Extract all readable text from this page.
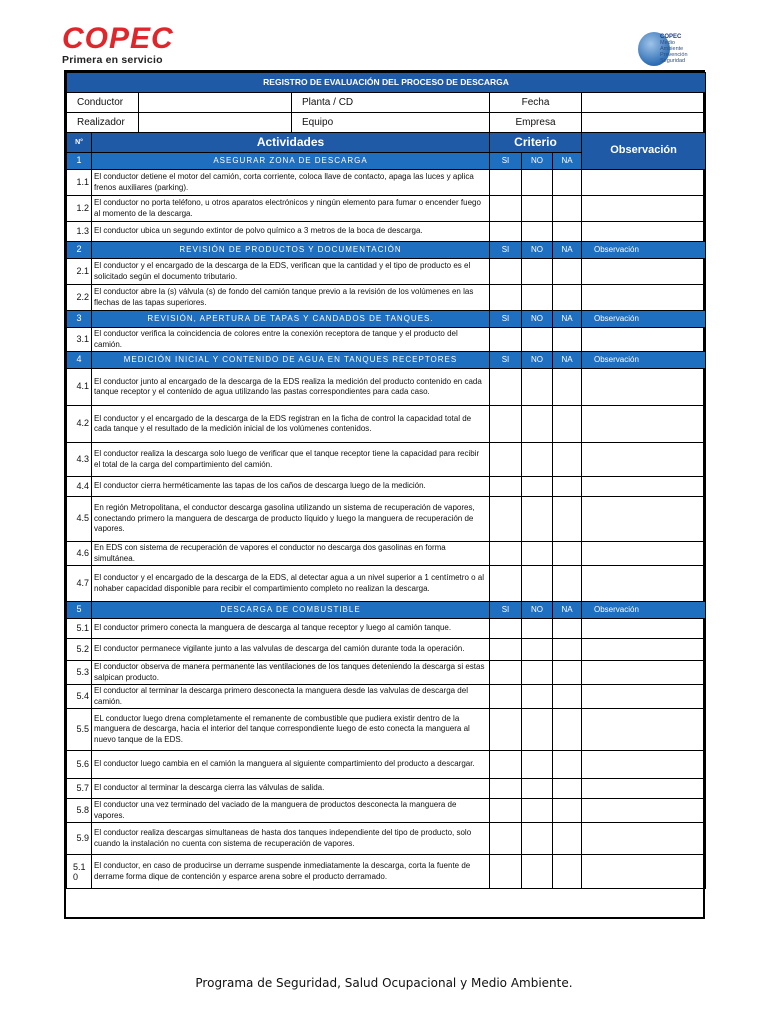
COPEC
Primera en servicio
COPEC
Medio Ambiente
Prevención
Seguridad
REGISTRO DE EVALUACIÓN DEL PROCESO DE DESCARGA							
Conductor			Planta / CD	Fecha			
Realizador			Equipo	Empresa			
N°	Actividades			Criterio			Observación
1	ASEGURAR ZONA DE DESCARGA			SI	NO	NA	
1.1	El conductor detiene el motor del camión, corta corriente, coloca llave de contacto, apaga las luces y aplica frenos auxiliares (parking).						
1.2	El conductor no porta teléfono, u otros aparatos electrónicos y ningún elemento para fumar o encender fuego al momento de la descarga.						
1.3	El conductor ubica un segundo extintor de polvo químico a 3 metros de la boca de descarga.						
2	REVISIÓN DE PRODUCTOS Y DOCUMENTACIÓN			SI	NO	NA	Observación
2.1	El conductor y el encargado de la descarga de la EDS, verifican que la cantidad y el tipo de producto es el solicitado según el documento tributario.						
2.2	El conductor abre la (s) válvula (s) de fondo del camión tanque previo a la revisión de los volúmenes en las flechas de las tapas superiores.						
3	REVISIÓN, APERTURA DE TAPAS Y CANDADOS DE TANQUES.			SI	NO	NA	Observación
3.1	El conductor verifica la coincidencia de colores entre la conexión receptora de tanque y el producto del camión.						
4	MEDICIÓN INICIAL Y CONTENIDO DE AGUA EN TANQUES RECEPTORES			SI	NO	NA	Observación
4.1	El conductor junto al encargado de la descarga de la EDS realiza la medición del producto contenido en cada tanque receptor y el contenido de agua utilizando las pastas correspondientes para cada caso.						
4.2	El conductor y el encargado de la descarga de la EDS registran en la ficha de control la capacidad total de cada tanque y el resultado de la medición inicial de los volúmenes contenidos.						
4.3	El conductor realiza la descarga solo luego de verificar que el tanque receptor tiene la capacidad para recibir el total de la carga del compartimiento del camión.						
4.4	El conductor cierra herméticamente las tapas de los caños de descarga luego de la medición.						
4.5	En región Metropolitana, el conductor descarga gasolina utilizando un sistema de recuperación de vapores, conectando primero la manguera de descarga de producto líquido y luego la manguera de recuperación de vapores.						
4.6	En EDS con sistema de recuperación de vapores el conductor no descarga dos gasolinas en forma simultánea.						
4.7	El conductor y el encargado de la descarga de la EDS, al detectar agua a un nivel superior a 1 centímetro o al nohaber capacidad disponible para recibir el compartimiento completo no realizan la descarga.						
5	DESCARGA DE COMBUSTIBLE			SI	NO	NA	Observación
5.1	El conductor primero conecta la manguera de descarga al tanque receptor y luego al camión tanque.						
5.2	El conductor permanece vigilante junto a las valvulas de descarga del camión durante toda la operación.						
5.3	El conductor observa de manera permanente las ventilaciones de los tanques deteniendo la descarga si estas salpican producto.						
5.4	El conductor al terminar la descarga primero desconecta la manguera desde las valvulas de descarga del camión.						
5.5	EL conductor luego drena completamente el remanente de combustible que pudiera existir dentro de la manguera de descarga, hacia el interior del tanque correspondiente luego de esto conecta la manguera al nuevo tanque de la EDS.						
5.6	El conductor luego cambia en el camión la manguera al siguiente compartimiento del producto a descargar.						
5.7	El conductor al terminar la descarga cierra las válvulas de salida.						
5.8	El conductor una vez terminado del vaciado de la manguera de productos desconecta la manguera de vapores.						
5.9	El conductor realiza descargas simultaneas de hasta dos tanques independiente del tipo de producto, solo cuando la instalación no cuenta con sistema de recuperación de vapores.						
5.10	El conductor, en caso de producirse un derrame suspende inmediatamente la descarga, corta la fuente de derrame forma dique de contención y esparce arena sobre el producto derramado.						
Programa de Seguridad, Salud Ocupacional y Medio Ambiente.
